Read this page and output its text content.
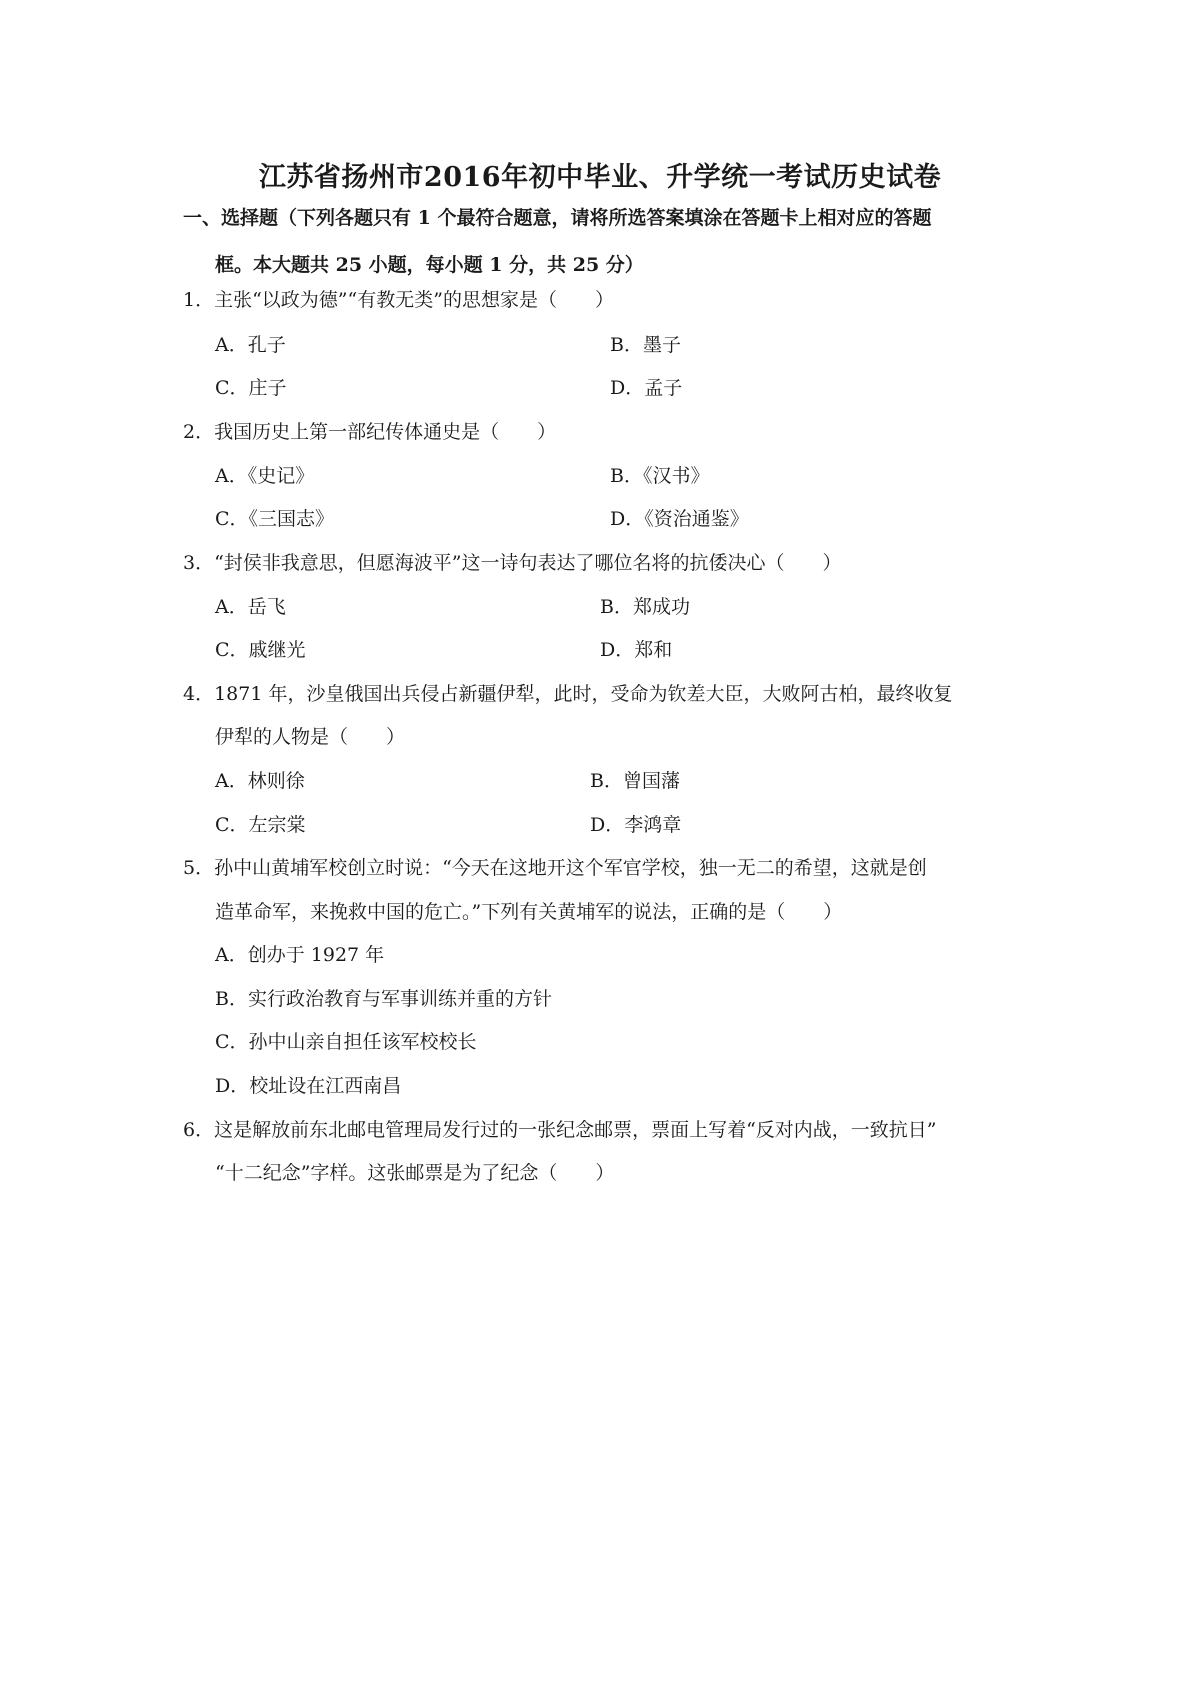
江苏省扬州市2016年初中毕业、升学统一考试历史试卷
一、选择题（下列各题只有 1 个最符合题意，请将所选答案填涂在答题卡上相对应的答题
框。本大题共 25 小题，每小题 1 分，共 25 分）
1．主张“以政为德”“有教无类”的思想家是（　　）
A．孔子	B．墨子
C．庄子	D．孟子
2．我国历史上第一部纪传体通史是（　　）
A．《史记》	B．《汉书》
C．《三国志》	D．《资治通鉴》
3．“封侯非我意思，但愿海波平”这一诗句表达了哪位名将的抗倭决心（　　）
A．岳飞	B．郑成功
C．戚继光	D．郑和
4．1871 年，沙皇俄国出兵侵占新疆伊犁，此时，受命为钦差大臣，大败阿古柏，最终收复
伊犁的人物是（　　）
A．林则徐	B．曾国藩
C．左宗棠	D．李鸿章
5．孙中山黄埔军校创立时说：“今天在这地开这个军官学校，独一无二的希望，这就是创
造革命军，来挽救中国的危亡。”下列有关黄埔军的说法，正确的是（　　）
A．创办于 1927 年
B．实行政治教育与军事训练并重的方针
C．孙中山亲自担任该军校校长
D．校址设在江西南昌
6．这是解放前东北邮电管理局发行过的一张纪念邮票，票面上写着“反对内战，一致抗日”
“十二纪念”字样。这张邮票是为了纪念（　　）
